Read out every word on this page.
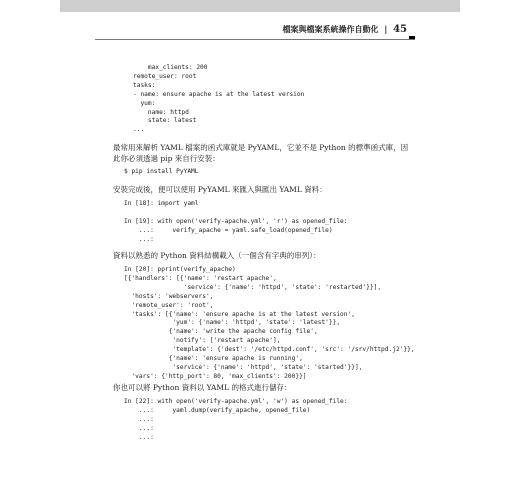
檔案與檔案系統操作自動化 | 45
max_clients: 200
remote_user: root
tasks:
- name: ensure apache is at the latest version
yum:
name: httpd
state: latest
...

最常用來解析 YAML 檔案的函式庫就是 PyYAML，它並不是 Python 的標準函式庫，因
此你必須透過 pip 來自行安裝：

$ pip install PyYAML

安裝完成後，便可以使用 PyYAML 來匯入與匯出 YAML 資料：

In [18]: import yaml

In [19]: with open('verify-apache.yml', 'r') as opened_file:
...:     verify_apache = yaml.safe_load(opened_file)
...:

資料以熟悉的 Python 資料結構載入（一個含有字典的串列）：

In [20]: pprint(verify_apache)
[{'handlers': [{'name': 'restart apache',
'service': {'name': 'httpd', 'state': 'restarted'}}],
'hosts': 'webservers',
'remote_user': 'root',
'tasks': [{'name': 'ensure apache is at the latest version',
'yum': {'name': 'httpd', 'state': 'latest'}},
{'name': 'write the apache config file',
'notify': ['restart apache'],
'template': {'dest': '/etc/httpd.conf', 'src': '/srv/httpd.j2'}},
{'name': 'ensure apache is running',
'service': {'name': 'httpd', 'state': 'started'}}],
'vars': {'http_port': 80, 'max_clients': 200}}]

你也可以將 Python 資料以 YAML 的格式進行儲存：

In [22]: with open('verify-apache.yml', 'w') as opened_file:
...:     yaml.dump(verify_apache, opened_file)
...:
...:
...:
